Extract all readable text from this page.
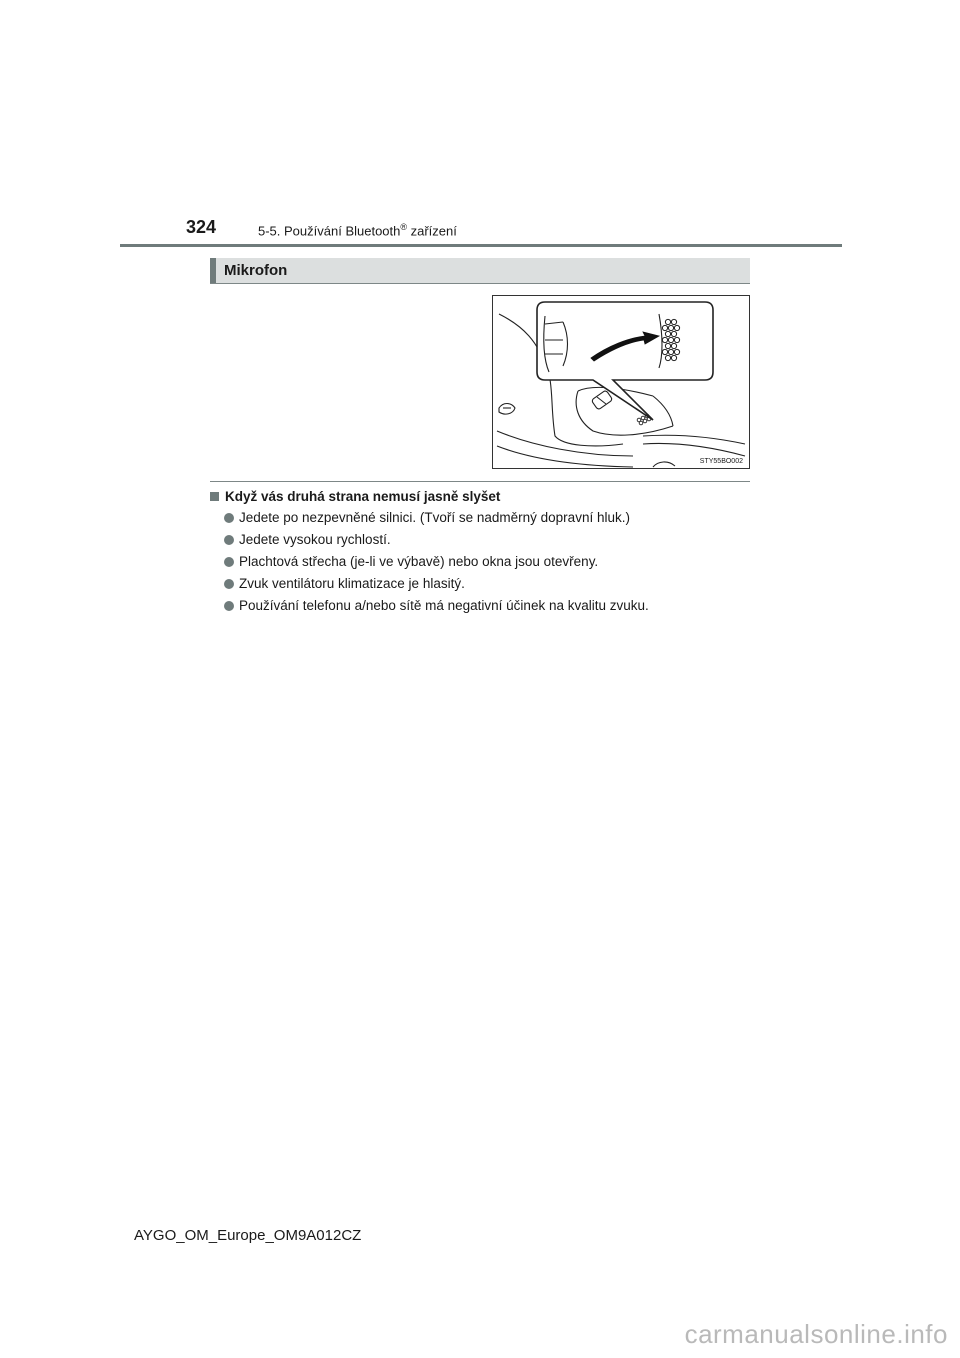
324	5-5. Používání Bluetooth® zařízení
Mikrofon
STY55BO002
Když vás druhá strana nemusí jasně slyšet
Jedete po nezpevněné silnici. (Tvoří se nadměrný dopravní hluk.)
Jedete vysokou rychlostí.
Plachtová střecha (je-li ve výbavě) nebo okna jsou otevřeny.
Zvuk ventilátoru klimatizace je hlasitý.
Používání telefonu a/nebo sítě má negativní účinek na kvalitu zvuku.
AYGO_OM_Europe_OM9A012CZ
carmanualsonline.info
